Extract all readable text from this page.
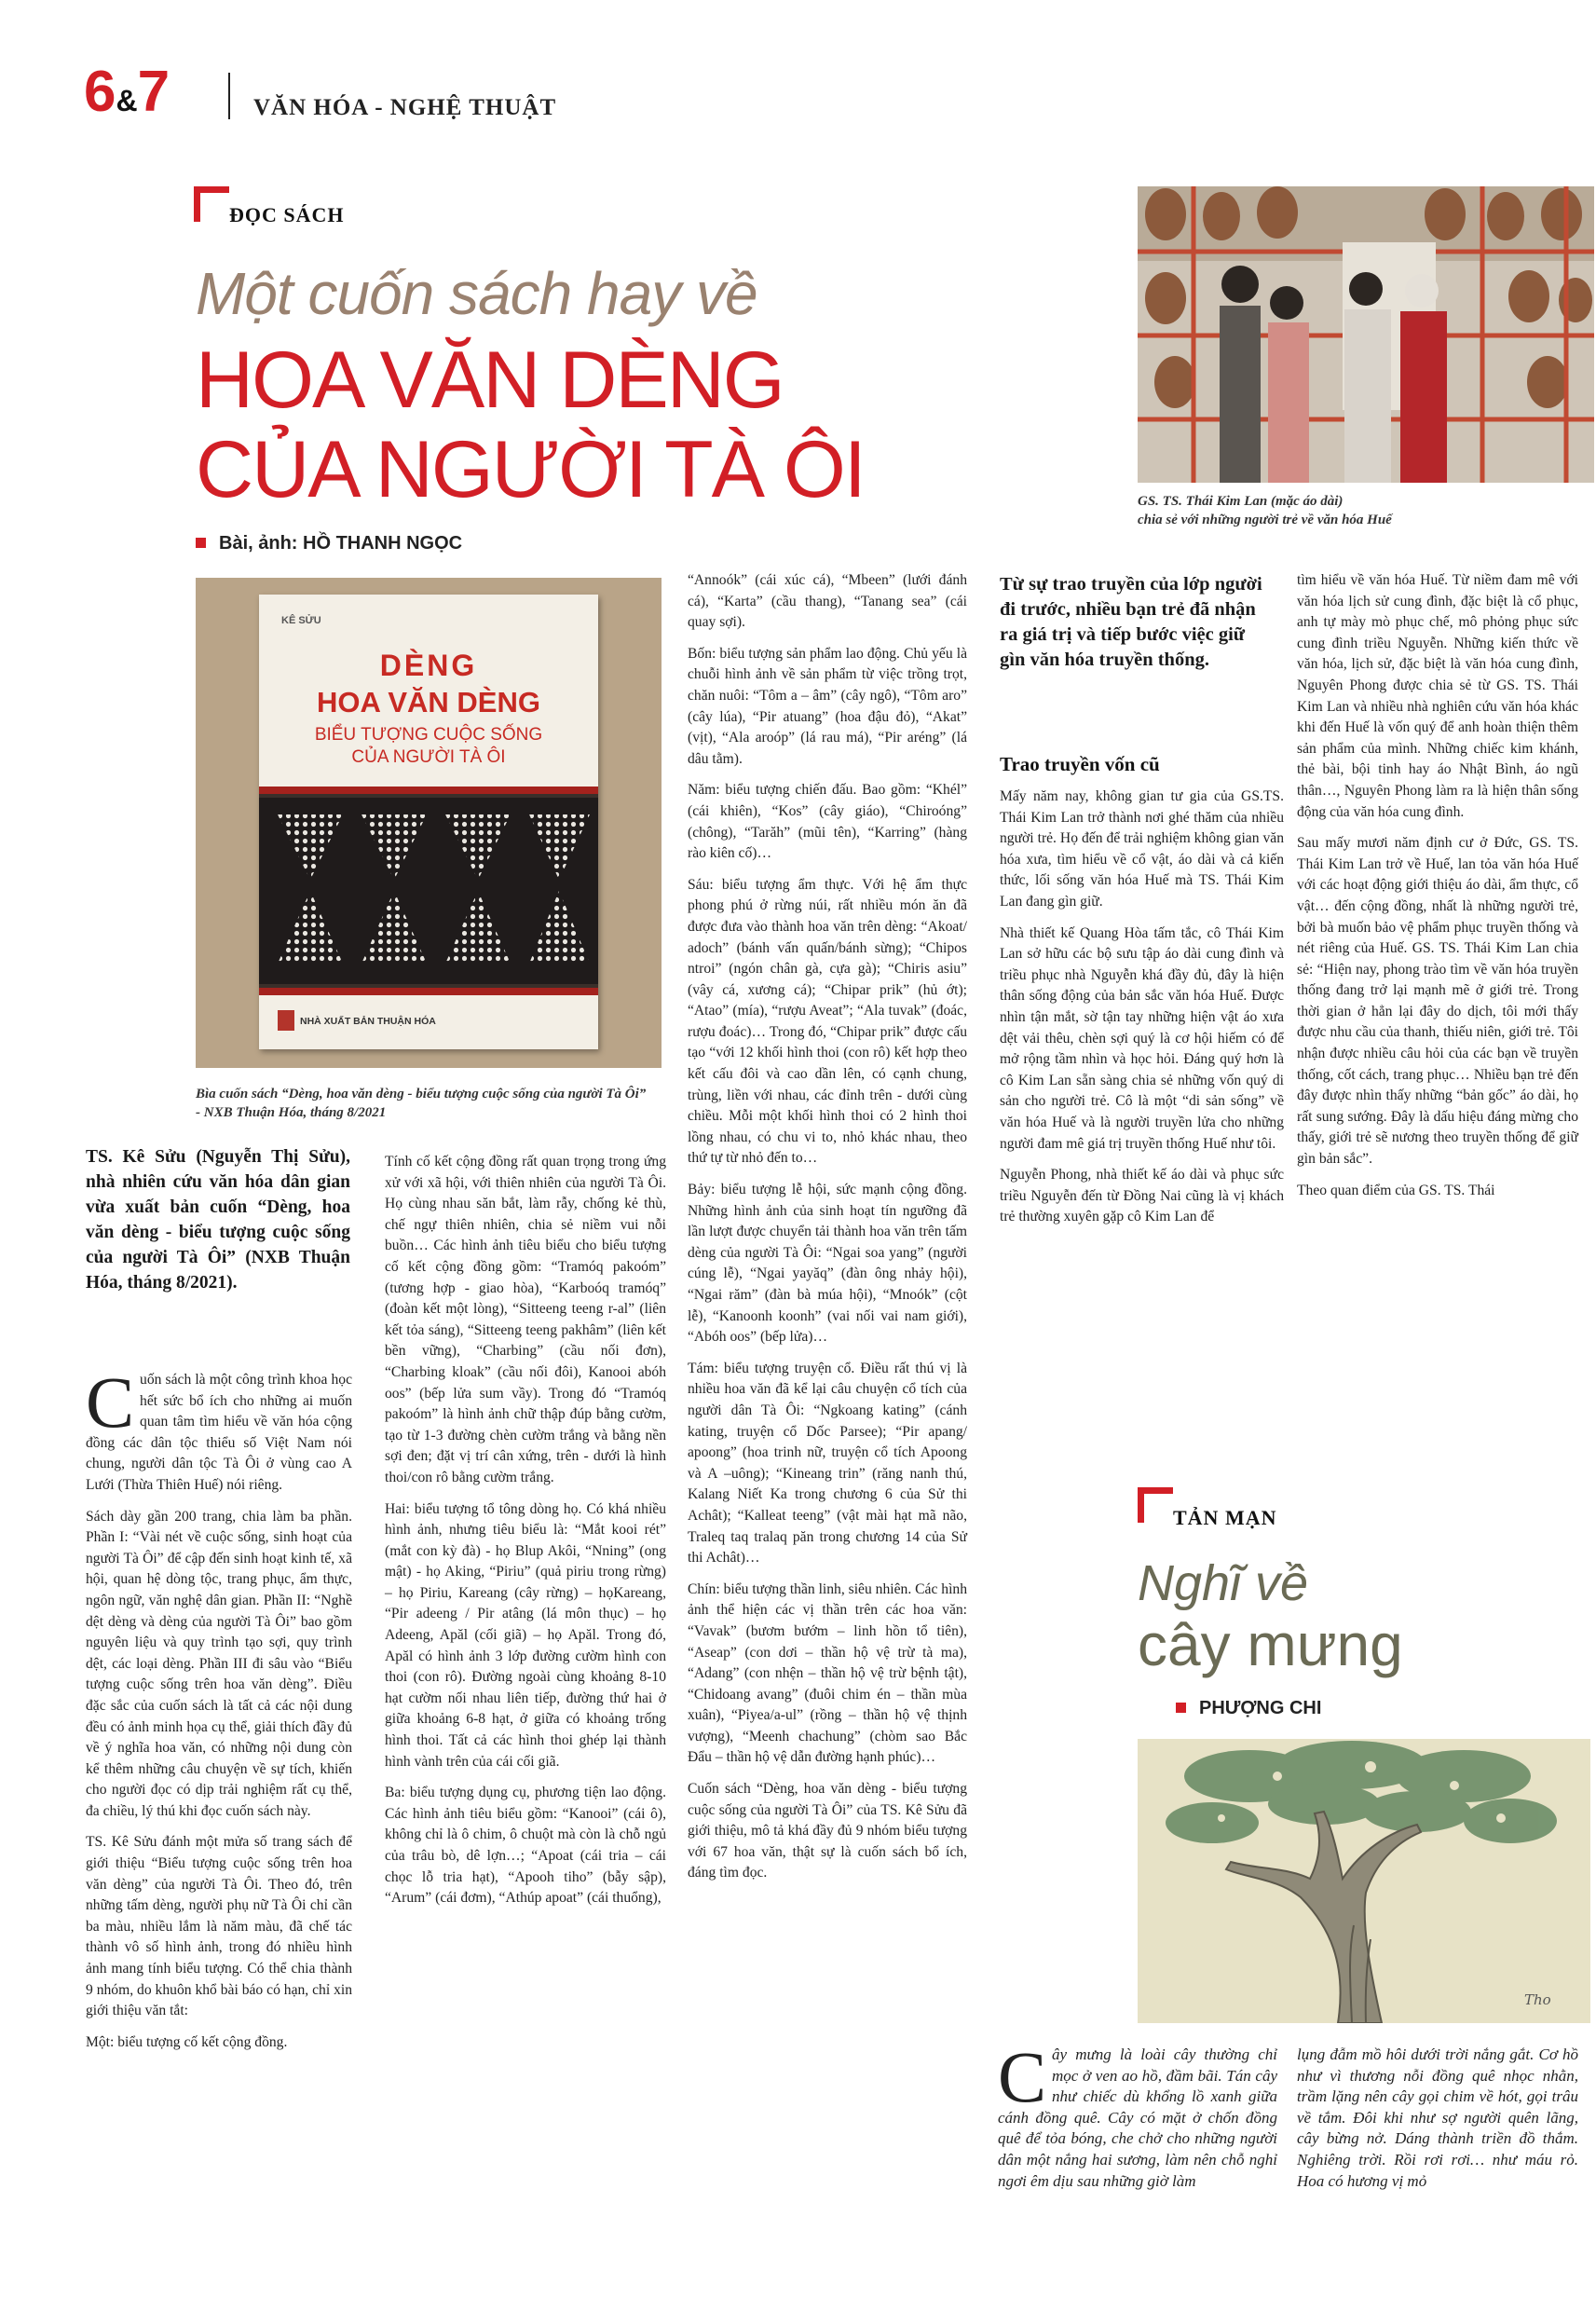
6&7	VĂN HÓA - NGHỆ THUẬT
ĐỌC SÁCH
Một cuốn sách hay về
HOA VĂN DÈNG
CỦA NGƯỜI TÀ ÔI
Bài, ảnh: HỒ THANH NGỌC
KÊ SỬU
DÈNG
HOA VĂN DÈNG
BIỂU TƯỢNG CUỘC SỐNG
CỦA NGƯỜI TÀ ÔI
NHÀ XUẤT BẢN THUẬN HÓA
Bìa cuốn sách “Dèng, hoa văn dèng - biểu tượng cuộc sống của người Tà Ôi” - NXB Thuận Hóa, tháng 8/2021
TS. Kê Sửu (Nguyễn Thị Sửu), nhà nhiên cứu văn hóa dân gian vừa xuất bản cuốn “Dèng, hoa văn dèng - biểu tượng cuộc sống của người Tà Ôi” (NXB Thuận Hóa, tháng 8/2021).

Cuốn sách là một công trình khoa học hết sức bổ ích cho những ai muốn quan tâm tìm hiểu về văn hóa cộng đồng các dân tộc thiểu số Việt Nam nói chung, người dân tộc Tà Ôi ở vùng cao A Lưới (Thừa Thiên Huế) nói riêng.

Sách dày gần 200 trang, chia làm ba phần. Phần I: “Vài nét về cuộc sống, sinh hoạt của người Tà Ôi” để cập đến sinh hoạt kinh tế, xã hội, quan hệ dòng tộc, trang phục, ẩm thực, ngôn ngữ, văn nghệ dân gian. Phần II: “Nghề dệt dèng và dèng của người Tà Ôi” bao gồm nguyên liệu và quy trình tạo sợi, quy trình dệt, các loại dèng. Phần III đi sâu vào “Biểu tượng cuộc sống trên hoa văn dèng”. Điều đặc sắc của cuốn sách là tất cả các nội dung đều có ảnh minh họa cụ thể, giải thích đầy đủ về ý nghĩa hoa văn, có những nội dung còn kể thêm những câu chuyện về sự tích, khiến cho người đọc có dịp trải nghiệm rất cụ thể, đa chiều, lý thú khi đọc cuốn sách này.

TS. Kê Sửu đánh một mửa số trang sách để giới thiệu “Biểu tượng cuộc sống trên hoa văn dèng” của người Tà Ôi. Theo đó, trên những tấm dèng, người phụ nữ Tà Ôi chỉ cần ba màu, nhiều lắm là năm màu, đã chế tác thành vô số hình ảnh, trong đó nhiều hình ảnh mang tính biểu tượng. Có thể chia thành 9 nhóm, do khuôn khổ bài báo có hạn, chỉ xin giới thiệu văn tắt:

Một: biểu tượng cố kết cộng đồng.

Tính cố kết cộng đồng rất quan trọng trong ứng xử với xã hội, với thiên nhiên của người Tà Ôi. Họ cùng nhau săn bắt, làm rẫy, chống kẻ thù, chế ngự thiên nhiên, chia sẻ niềm vui nỗi buồn… Các hình ảnh tiêu biểu cho biểu tượng cố kết cộng đồng gồm: “Tramóq pakoóm” (tương hợp - giao hòa), “Karboóq tramóq” (đoàn kết một lòng), “Sitteeng teeng r-al” (liên kết tỏa sáng), “Sitteeng teeng pakhâm” (liên kết bền vững), “Charbing” (cầu nối đơn), “Charbing kloak” (cầu nối đôi), Kanooi abóh oos” (bếp lửa sum vầy). Trong đó “Tramóq pakoóm” là hình ảnh chữ thập đúp bằng cườm, tạo từ 1-3 đường chèn cườm trắng và bằng nền sợi đen; đặt vị trí cân xứng, trên - dưới là hình thoi/con rô bằng cườm trắng.

Hai: biểu tượng tổ tông dòng họ. Có khá nhiều hình ảnh, nhưng tiêu biểu là: “Mắt kooi rét” (mắt con kỳ đà) - họ Blup Akôi, “Nning” (ong mật) - họ Aking, “Piriu” (quả piriu trong rừng) – họ Piriu, Kareang (cây rừng) – họKareang, “Pir adeeng / Pir atâng (lá môn thục) – họ Adeeng, Apăl (cối giã) – họ Apăl. Trong đó, Apăl có hình ảnh 3 lớp đường cườm hình con thoi (con rô). Đường ngoài cùng khoảng 8-10 hạt cườm nối nhau liên tiếp, đường thứ hai ở giữa khoảng 6-8 hạt, ở giữa có khoảng trống hình thoi. Tất cả các hình thoi ghép lại thành hình vành trên của cái cối giã.

Ba: biểu tượng dụng cụ, phương tiện lao động. Các hình ảnh tiêu biểu gồm: “Kanooi” (cái ô), không chỉ là ô chim, ô chuột mà còn là chỗ ngủ của trâu bò, dê lợn…; “Apoat (cái tria – cái chọc lỗ tria hạt), “Apooh tiho” (bẫy sập), “Arum” (cái đơm), “Athúp apoat” (cái thuổng),

“Annoók” (cái xúc cá), “Mbeen” (lưới đánh cá), “Karta” (cầu thang), “Tanang sea” (cái quay sợi).

Bốn: biểu tượng sản phẩm lao động. Chủ yếu là chuỗi hình ảnh về sản phẩm từ việc trồng trọt, chăn nuôi: “Tôm a – âm” (cây ngô), “Tôm aro” (cây lúa), “Pir atuang” (hoa đậu đỏ), “Akat” (vịt), “Ala aroóp” (lá rau má), “Pir aréng” (lá dâu tằm).

Năm: biểu tượng chiến đấu. Bao gồm: “Khél” (cái khiên), “Kos” (cây giáo), “Chiroóng” (chông), “Tarăh” (mũi tên), “Karring” (hàng rào kiên cố)…

Sáu: biểu tượng ẩm thực. Với hệ ẩm thực phong phú ở rừng núi, rất nhiều món ăn đã được đưa vào thành hoa văn trên dèng: “Akoat/ adoch” (bánh vấn quấn/bánh sừng); “Chipos ntroi” (ngón chân gà, cựa gà); “Chiris asiu” (vây cá, xương cá); “Chipar prik” (hủ ớt); “Atao” (mía), “rượu Aveat”; “Ala tuvak” (đoác, rượu đoác)… Trong đó, “Chipar prik” được cấu tạo “với 12 khối hình thoi (con rô) kết hợp theo kết cấu đôi và cao dần lên, có cạnh chung, trùng, liền với nhau, các đỉnh trên - dưới cùng chiều. Mỗi một khối hình thoi có 2 hình thoi lồng nhau, có chu vi to, nhỏ khác nhau, theo thứ tự từ nhỏ đến to…

Bảy: biểu tượng lễ hội, sức mạnh cộng đồng. Những hình ảnh của sinh hoạt tín ngưỡng đã lần lượt được chuyển tải thành hoa văn trên tấm dèng của người Tà Ôi: “Ngai soa yang” (người cúng lễ), “Ngai yayăq” (đàn ông nhảy hội), “Ngai răm” (đàn bà múa hội), “Mnoók” (cột lễ), “Kanoonh koonh” (vai nối vai nam giới), “Abóh oos” (bếp lửa)…

Tám: biểu tượng truyện cổ. Điều rất thú vị là nhiều hoa văn đã kể lại câu chuyện cổ tích của người dân Tà Ôi: “Ngkoang kating” (cánh kating, truyện cổ Dốc Parsee); “Pir apang/ apoong” (hoa trinh nữ, truyện cổ tích Apoong và A –uông); “Kineang trin” (răng nanh thú, Kalang Niết Ka trong chương 6 của Sử thi Achât); “Kalleat teeng” (vật mài hạt mã não, Traleq taq tralaq păn trong chương 14 của Sử thi Achât)…

Chín: biểu tượng thần linh, siêu nhiên. Các hình ảnh thể hiện các vị thần trên các hoa văn: “Vavak” (bươm bướm – linh hồn tổ tiên), “Aseap” (con dơi – thần hộ vệ trừ tà ma), “Adang” (con nhện – thần hộ vệ trừ bệnh tật), “Chidoang avang” (đuôi chim én – thần mùa xuân), “Piyea/a-ul” (rồng – thần hộ vệ thịnh vượng), “Meenh chachung” (chòm sao Bắc Đẩu – thần hộ vệ dẫn đường hạnh phúc)…

Cuốn sách “Dèng, hoa văn dèng - biểu tượng cuộc sống của người Tà Ôi” của TS. Kê Sửu đã giới thiệu, mô tả khá đầy đủ 9 nhóm biểu tượng với 67 hoa văn, thật sự là cuốn sách bổ ích, đáng tìm đọc.

GS. TS. Thái Kim Lan (mặc áo dài)
chia sẻ với những người trẻ về văn hóa Huế
Từ sự trao truyền của lớp người đi trước, nhiều bạn trẻ đã nhận ra giá trị và tiếp bước việc giữ gìn văn hóa truyền thống.
Trao truyền vốn cũ

Mấy năm nay, không gian tư gia của GS.TS. Thái Kim Lan trở thành nơi ghé thăm của nhiều người trẻ. Họ đến để trải nghiệm không gian văn hóa xưa, tìm hiểu về cổ vật, áo dài và cả kiến thức, lối sống văn hóa Huế mà TS. Thái Kim Lan đang gìn giữ.

Nhà thiết kế Quang Hòa tấm tắc, cô Thái Kim Lan sở hữu các bộ sưu tập áo dài cung đình và triều phục nhà Nguyễn khá đầy đủ, đây là hiện thân sống động của bản sắc văn hóa Huế. Được nhìn tận mắt, sờ tận tay những hiện vật áo xưa dệt vải thêu, chèn sợi quý là cơ hội hiếm có để mở rộng tầm nhìn và học hỏi. Đáng quý hơn là cô Kim Lan sẵn sàng chia sẻ những vốn quý di sản cho người trẻ. Cô là một “di sản sống” về văn hóa Huế và là người truyền lửa cho những người đam mê giá trị truyền thống Huế như tôi.

Nguyễn Phong, nhà thiết kế áo dài và phục sức triều Nguyễn đến từ Đồng Nai cũng là vị khách trẻ thường xuyên gặp cô Kim Lan để

tìm hiểu về văn hóa Huế. Từ niềm đam mê với văn hóa lịch sử cung đình, đặc biệt là cổ phục, anh tự mày mò phục chế, mô phỏng phục sức cung đình triều Nguyễn. Những kiến thức về văn hóa, lịch sử, đặc biệt là văn hóa cung đình, Nguyên Phong được chia sẻ từ GS. TS. Thái Kim Lan và nhiều nhà nghiên cứu văn hóa khác khi đến Huế là vốn quý để anh hoàn thiện thêm sản phẩm của mình. Những chiếc kim khánh, thẻ bài, bội tinh hay áo Nhật Bình, áo ngũ thân…, Nguyên Phong làm ra là hiện thân sống động của văn hóa cung đình.

Sau mấy mươi năm định cư ở Đức, GS. TS. Thái Kim Lan trở về Huế, lan tỏa văn hóa Huế với các hoạt động giới thiệu áo dài, ẩm thực, cổ vật… đến cộng đồng, nhất là những người trẻ, bởi bà muốn bảo vệ phẩm phục truyền thống và nét riêng của Huế. GS. TS. Thái Kim Lan chia sẻ: “Hiện nay, phong trào tìm về văn hóa truyền thống đang trở lại mạnh mẽ ở giới trẻ. Trong thời gian ở hẳn lại đây do dịch, tôi mới thấy được nhu cầu của thanh, thiếu niên, giới trẻ. Tôi nhận được nhiều câu hỏi của các bạn về truyền thống, cốt cách, trang phục… Nhiều bạn trẻ đến đây được nhìn thấy những “bản gốc” áo dài, họ rất sung sướng. Đây là dấu hiệu đáng mừng cho thấy, giới trẻ sẽ nương theo truyền thống để giữ gìn bản sắc”.

Theo quan điểm của GS. TS. Thái

TẢN MẠN
Nghĩ về
cây mưng
PHƯỢNG CHI
Tho
Cây mưng là loài cây thường chỉ mọc ở ven ao hồ, đầm bãi. Tán cây như chiếc dù khổng lồ xanh giữa cánh đồng quê. Cây có mặt ở chốn đồng quê để tỏa bóng, che chở cho những người dân một nắng hai sương, làm nên chỗ nghỉ ngơi êm dịu sau những giờ làm
lụng đẫm mồ hôi dưới trời nắng gắt. Cơ hồ như vì thương nỗi đồng quê nhọc nhằn, trầm lặng nên cây gọi chim về hót, gọi trâu về tắm. Đôi khi như sợ người quên lãng, cây bừng nở. Dáng thành triền đồ thắm. Nghiêng trời. Rồi rơi rơi… như máu rỏ. Hoa có hương vị mỏ
